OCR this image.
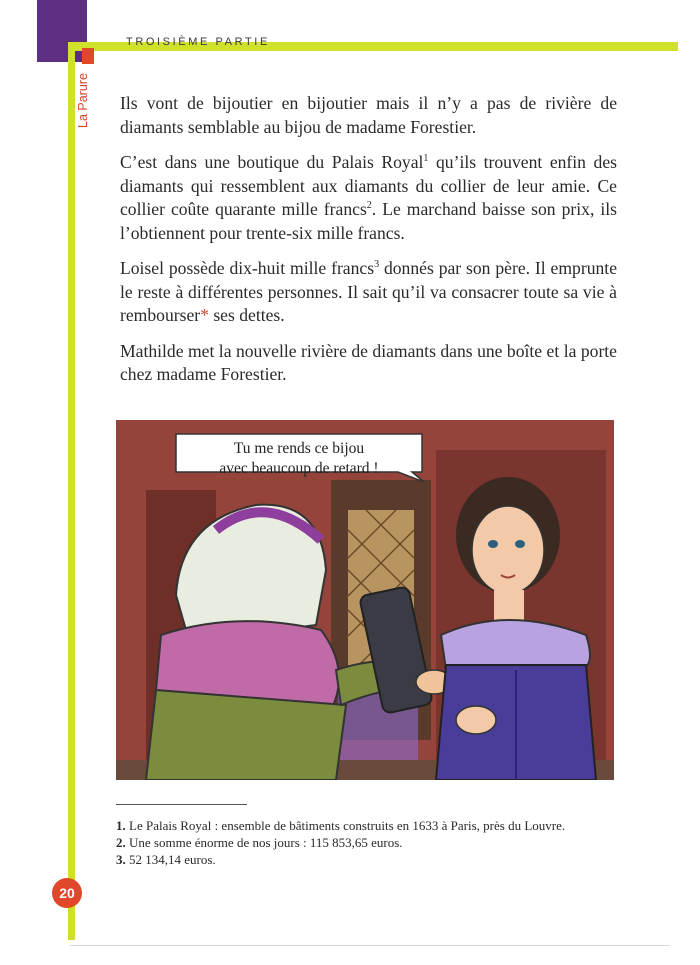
TROISIÈME PARTIE
La Parure Ils vont de bijoutier en bijoutier mais il n’y a pas de rivière de diamants semblable au bijou de madame Forestier.

C’est dans une boutique du Palais Royal$^1$ qu’ils trouvent enfin des diamants qui ressemblent aux diamants du collier de leur amie. Ce collier coûte quarante mille francs$^2$. Le marchand baisse son prix, ils l’obtiennent pour trente-six mille francs.

Loisel possède dix-huit mille francs$^3$ donnés par son père. Il emprunte le reste à différentes personnes. Il sait qu’il va consacrer toute sa vie à rembourser* ses dettes.

Mathilde met la nouvelle rivière de diamants dans une boîte et la porte chez madame Forestier.

Tu me rends ce bijou
avec beaucoup de retard !
1. Le Palais Royal : ensemble de bâtiments construits en 1633 à Paris, près du Louvre.
2. Une somme énorme de nos jours : 115 853,65 euros.
3. 52 134,14 euros.
20
